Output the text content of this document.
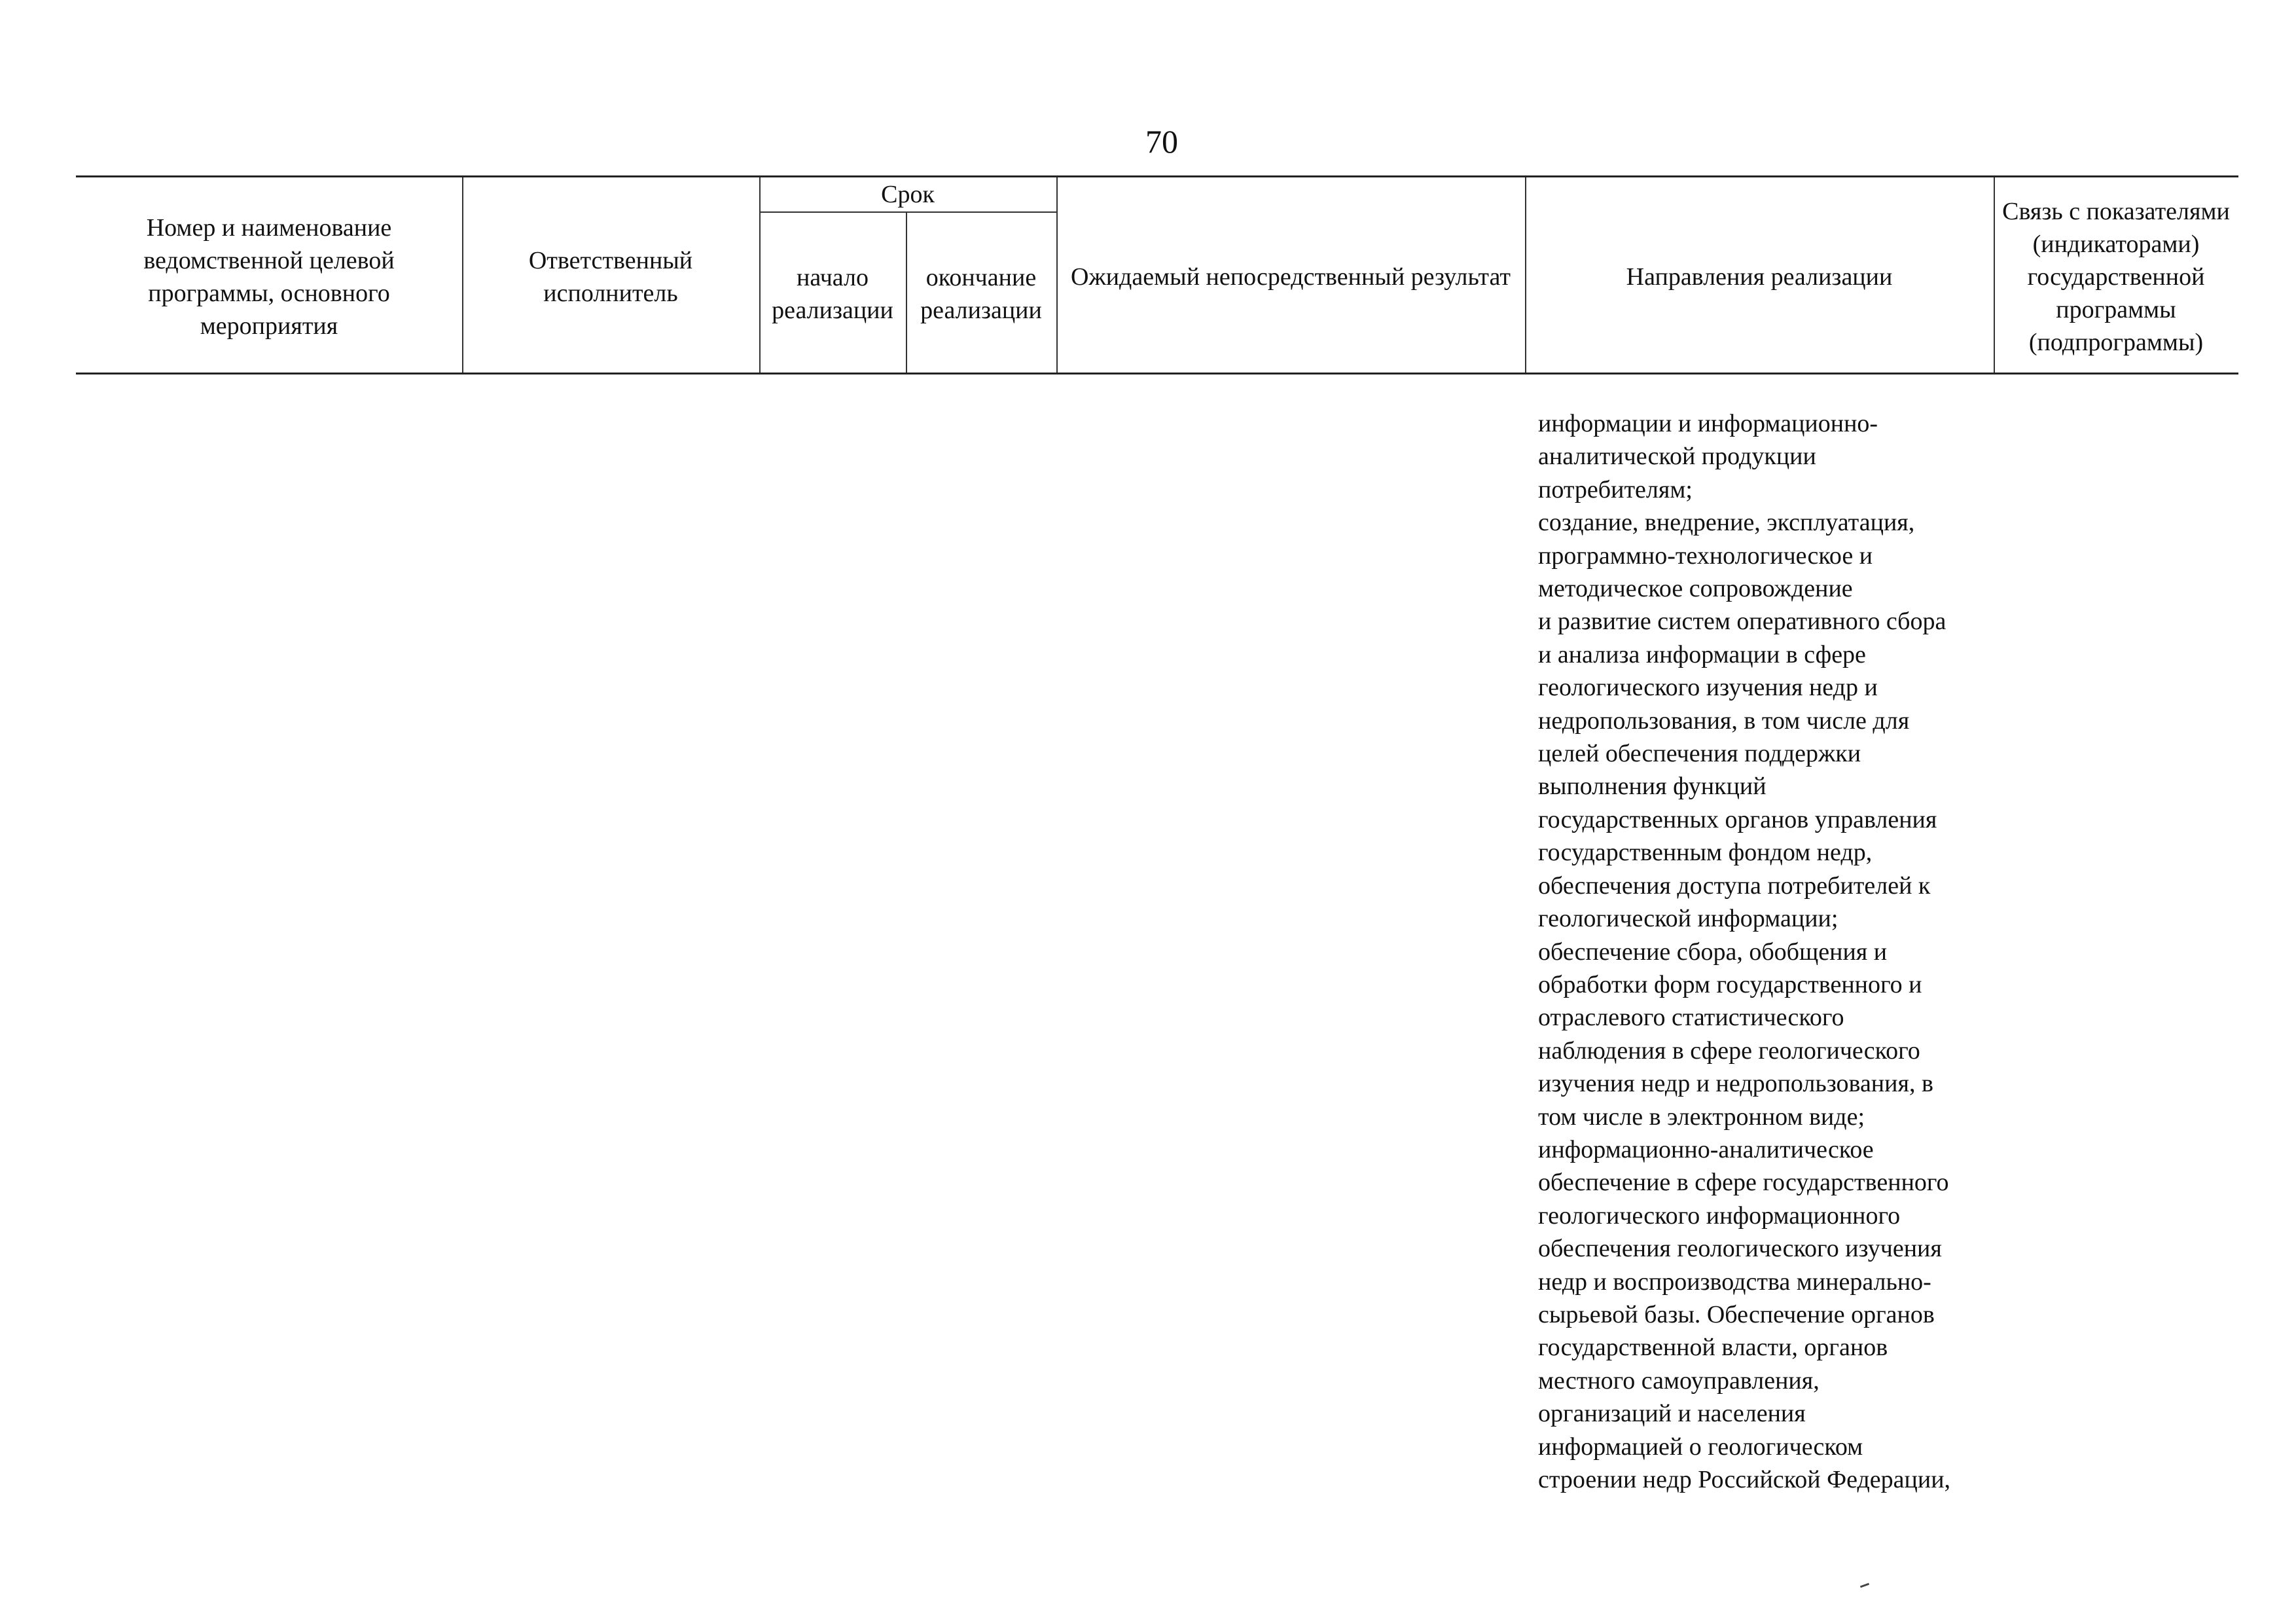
70
Номер и наименование ведомственной целевой программы, основного мероприятия
Ответственный исполнитель
Срок
начало реализации
окончание реализации
Ожидаемый непосредственный результат	Направления реализации
Связь с показателями (индикаторами) государственной программы (подпрограммы)
информации и информационно-
аналитической продукции
потребителям;
создание, внедрение, эксплуатация,
программно-технологическое и
методическое сопровождение
и развитие систем оперативного сбора
и анализа информации в сфере
геологического изучения недр и
недропользования, в том числе для
целей обеспечения поддержки
выполнения функций
государственных органов управления
государственным фондом недр,
обеспечения доступа потребителей к
геологической информации;
обеспечение сбора, обобщения и
обработки форм государственного и
отраслевого статистического
наблюдения в сфере геологического
изучения недр и недропользования, в
том числе в электронном виде;
информационно-аналитическое
обеспечение в сфере государственного
геологического информационного
обеспечения геологического изучения
недр и воспроизводства минерально-
сырьевой базы. Обеспечение органов
государственной власти, органов
местного самоуправления,
организаций и населения
информацией о геологическом
строении недр Российской Федерации,
